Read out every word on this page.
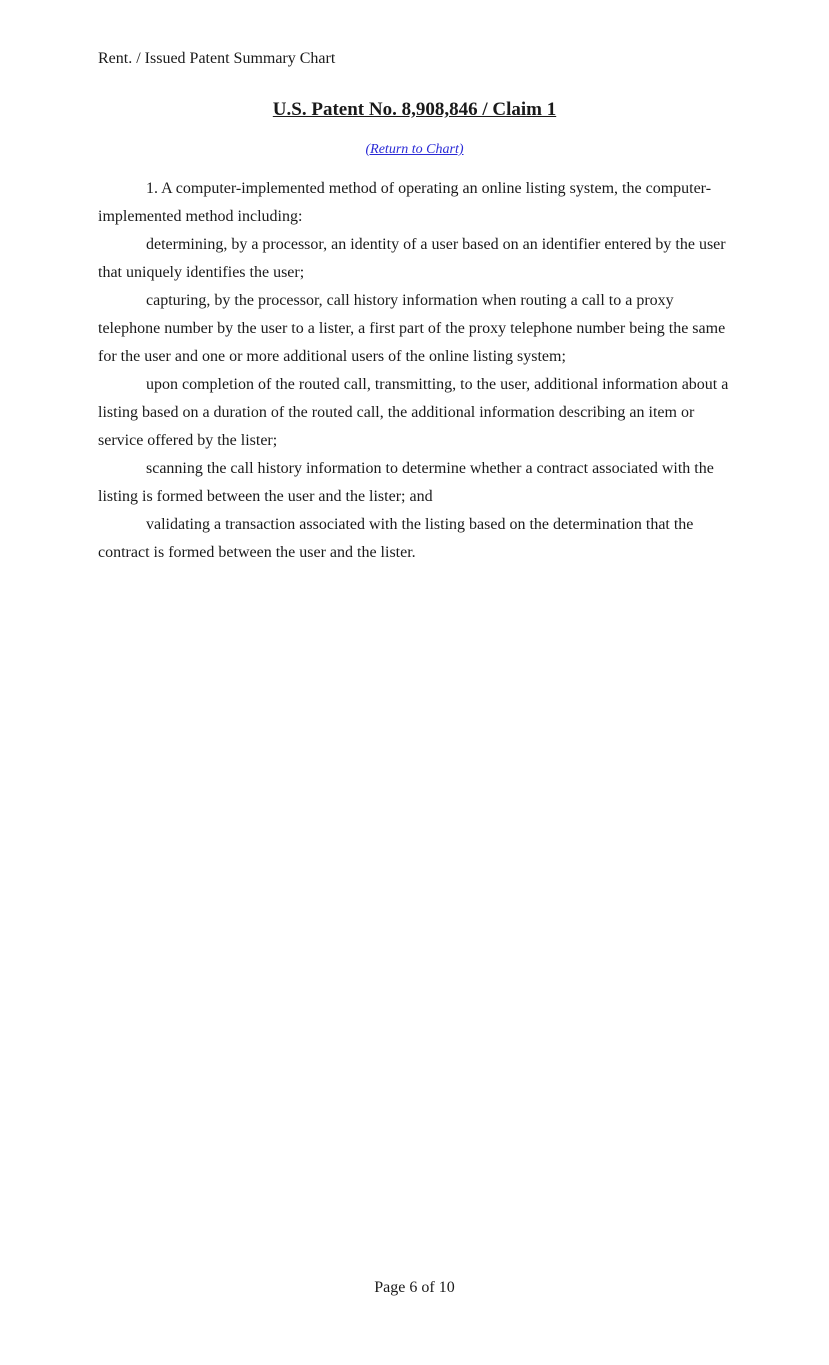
Rent. / Issued Patent Summary Chart
U.S. Patent No. 8,908,846 / Claim 1
(Return to Chart)

1. A computer-implemented method of operating an online listing system, the computer-implemented method including:

determining, by a processor, an identity of a user based on an identifier entered by the user that uniquely identifies the user;

capturing, by the processor, call history information when routing a call to a proxy telephone number by the user to a lister, a first part of the proxy telephone number being the same for the user and one or more additional users of the online listing system;

upon completion of the routed call, transmitting, to the user, additional information about a listing based on a duration of the routed call, the additional information describing an item or service offered by the lister;

scanning the call history information to determine whether a contract associated with the listing is formed between the user and the lister; and

validating a transaction associated with the listing based on the determination that the contract is formed between the user and the lister.

Page 6 of 10
